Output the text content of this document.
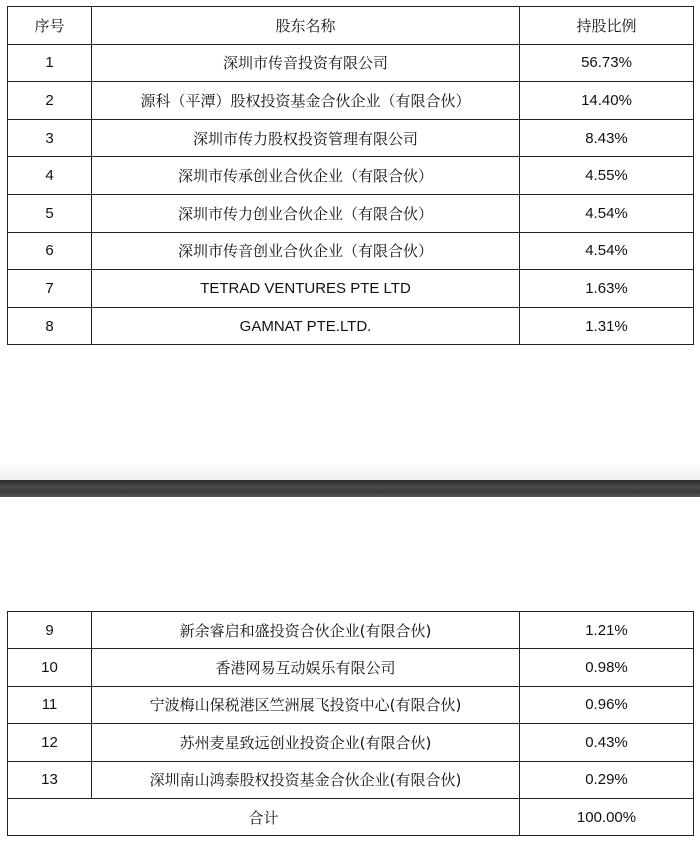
序号	股东名称	持股比例
1	深圳市传音投资有限公司	56.73%
2	源科（平潭）股权投资基金合伙企业（有限合伙）	14.40%
3	深圳市传力股权投资管理有限公司	8.43%
4	深圳市传承创业合伙企业（有限合伙）	4.55%
5	深圳市传力创业合伙企业（有限合伙）	4.54%
6	深圳市传音创业合伙企业（有限合伙）	4.54%
7	TETRAD VENTURES PTE LTD	1.63%
8	GAMNAT PTE.LTD.	1.31%
9	新余睿启和盛投资合伙企业(有限合伙)	1.21%
10	香港网易互动娱乐有限公司	0.98%
11	宁波梅山保税港区竺洲展飞投资中心(有限合伙)	0.96%
12	苏州麦星致远创业投资企业(有限合伙)	0.43%
13	深圳南山鸿泰股权投资基金合伙企业(有限合伙)	0.29%
合计		100.00%
